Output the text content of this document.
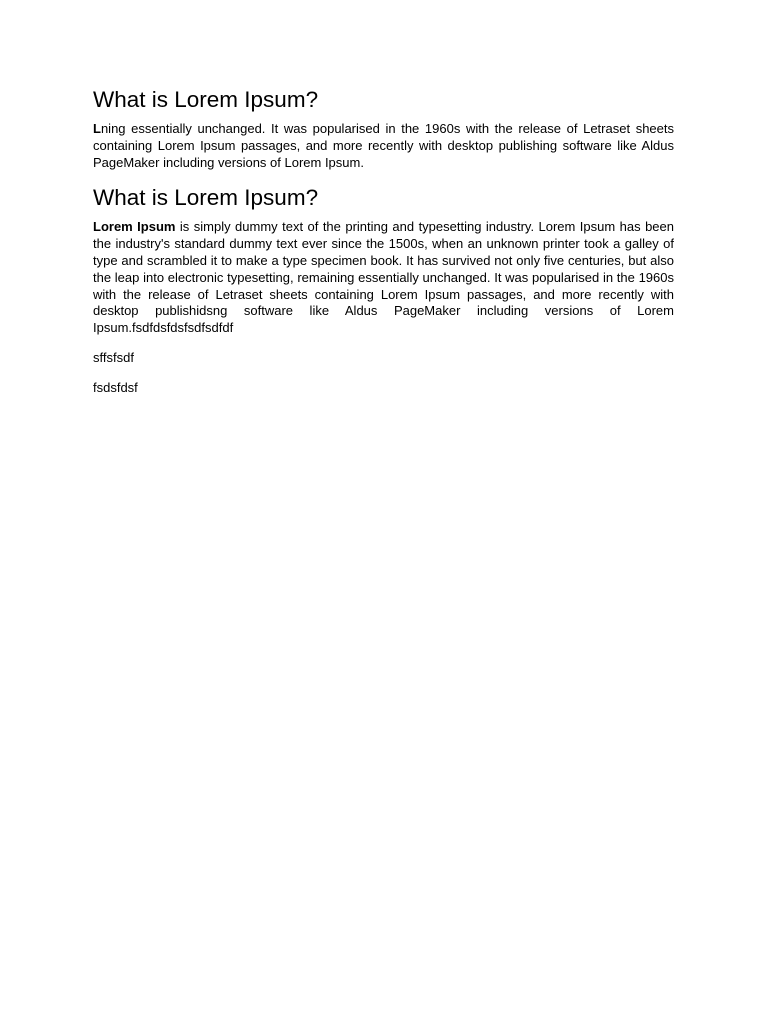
What is Lorem Ipsum?

Lning essentially unchanged. It was popularised in the 1960s with the release of Letraset sheets containing Lorem Ipsum passages, and more recently with desktop publishing software like Aldus PageMaker including versions of Lorem Ipsum.

What is Lorem Ipsum?

Lorem Ipsum is simply dummy text of the printing and typesetting industry. Lorem Ipsum has been the industry's standard dummy text ever since the 1500s, when an unknown printer took a galley of type and scrambled it to make a type specimen book. It has survived not only five centuries, but also the leap into electronic typesetting, remaining essentially unchanged. It was popularised in the 1960s with the release of Letraset sheets containing Lorem Ipsum passages, and more recently with desktop publishidsng software like Aldus PageMaker including versions of Lorem Ipsum.fsdfdsfdsfsdfsdfdf

sffsfsdf

fsdsfdsf
